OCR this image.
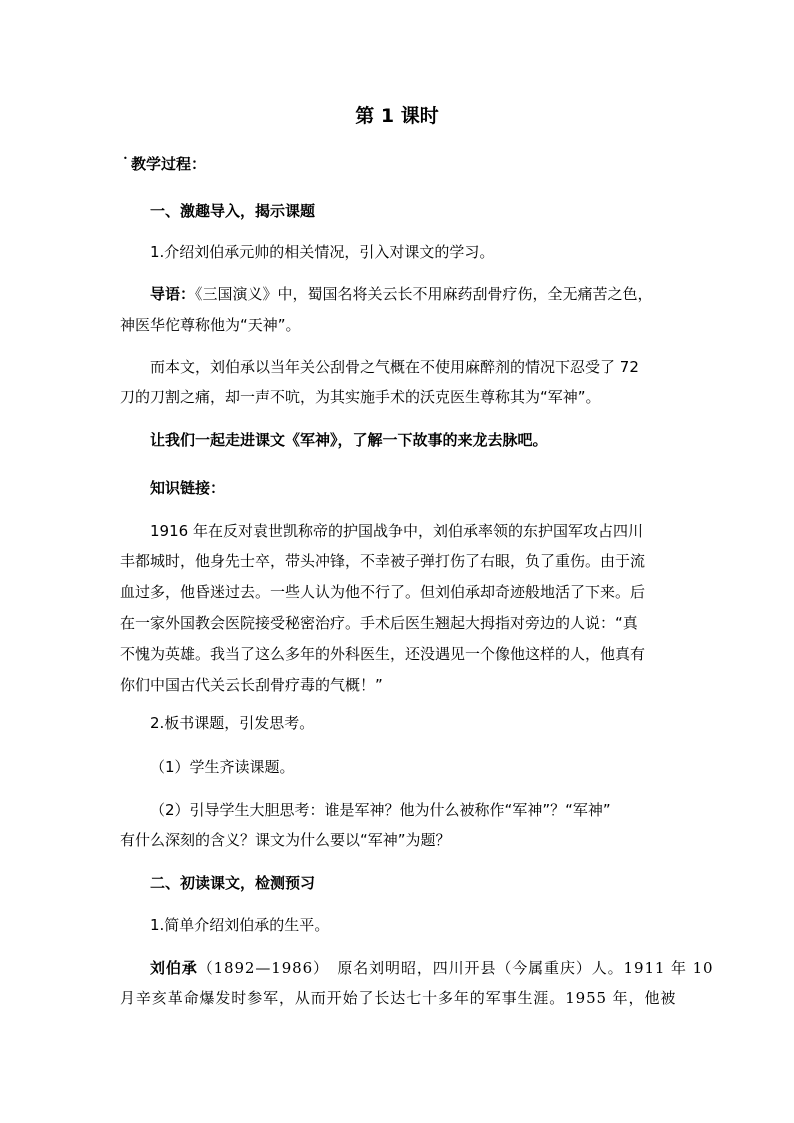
第 1 课时
• 教学过程：
一、激趣导入，揭示课题
1.介绍刘伯承元帅的相关情况，引入对课文的学习。
导语：《三国演义》中，蜀国名将关云长不用麻药刮骨疗伤，全无痛苦之色，
神医华佗尊称他为“天神”。
而本文，刘伯承以当年关公刮骨之气概在不使用麻醉剂的情况下忍受了 72
刀的刀割之痛，却一声不吭，为其实施手术的沃克医生尊称其为“军神”。
让我们一起走进课文《军神》，了解一下故事的来龙去脉吧。
知识链接：
1916 年在反对袁世凯称帝的护国战争中，刘伯承率领的东护国军攻占四川
丰都城时，他身先士卒，带头冲锋，不幸被子弹打伤了右眼，负了重伤。由于流
血过多，他昏迷过去。一些人认为他不行了。但刘伯承却奇迹般地活了下来。后
在一家外国教会医院接受秘密治疗。手术后医生翘起大拇指对旁边的人说：“真
不愧为英雄。我当了这么多年的外科医生，还没遇见一个像他这样的人，他真有
你们中国古代关云长刮骨疗毒的气概！”
2.板书课题，引发思考。
（1）学生齐读课题。
（2）引导学生大胆思考：谁是军神？他为什么被称作“军神”？“军神”
有什么深刻的含义？课文为什么要以“军神”为题？
二、初读课文，检测预习
1.简单介绍刘伯承的生平。
刘伯承（1892—1986）　原名刘明昭，四川开县（今属重庆）人。1911 年 10
月辛亥革命爆发时参军，从而开始了长达七十多年的军事生涯。1955 年，他被
